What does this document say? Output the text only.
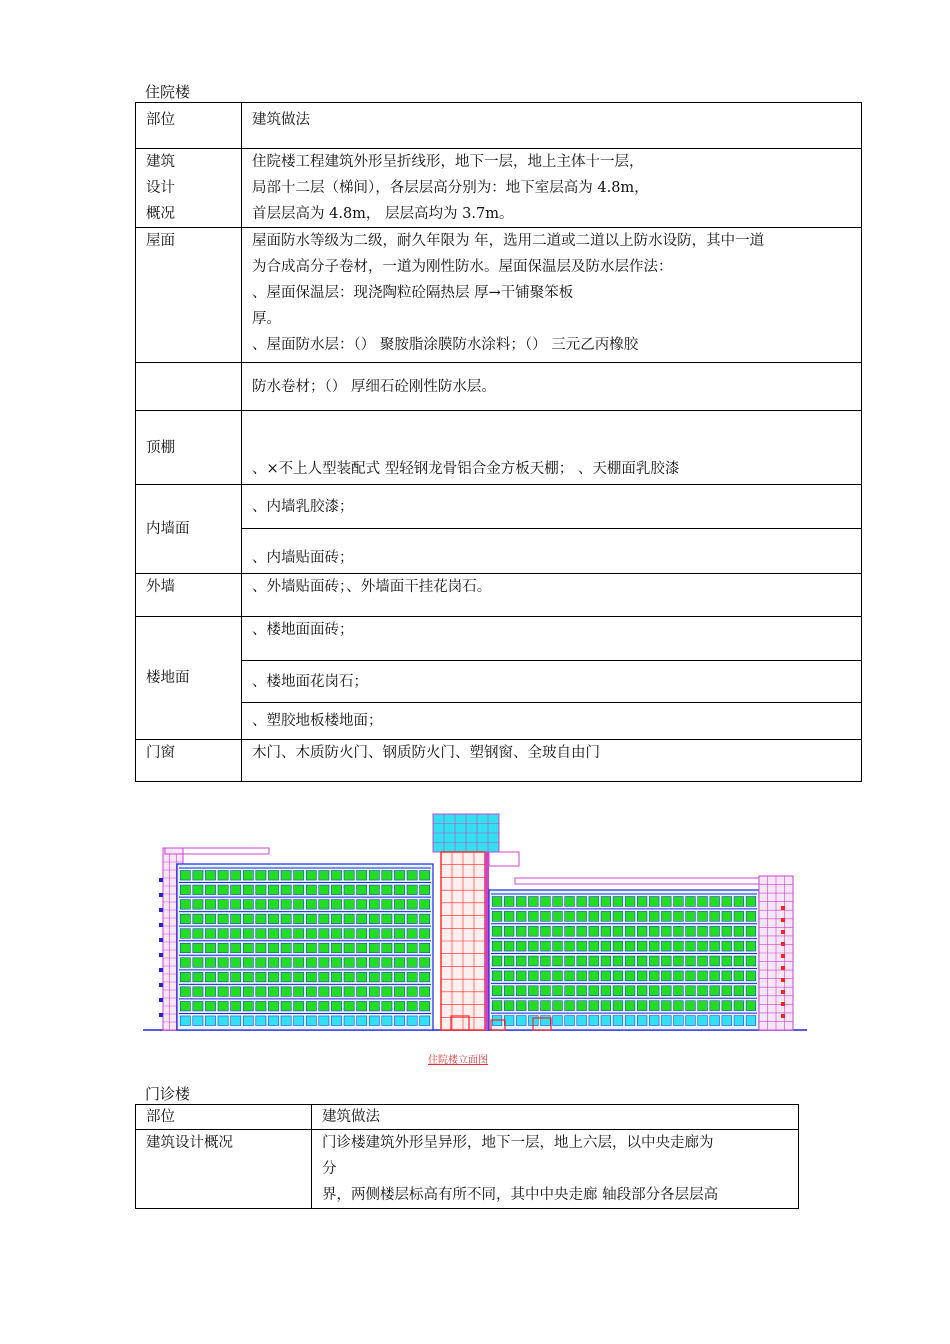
住院楼
部位	建筑做法

建筑
设计
概况	住院楼工程建筑外形呈折线形，地下一层，地上主体十一层，
局部十二层（梯间），各层层高分别为：地下室层高为 4.8m，
首层层高为 4.8m， 层层高均为 3.7m。

屋面	屋面防水等级为二级，耐久年限为 年，选用二道或二道以上防水设防，其中一道
为合成高分子卷材，一道为刚性防水。屋面保温层及防水层作法：
、屋面保温层：现浇陶粒砼隔热层 厚→干铺聚笨板
厚。
、屋面防水层：（） 聚胺脂涂膜防水涂料；（） 三元乙丙橡胶

	防水卷材；（） 厚细石砼刚性防水层。
顶棚	、×不上人型装配式 型轻钢龙骨铝合金方板天棚； 、天棚面乳胶漆
内墙面	、内墙乳胶漆；
	、内墙贴面砖；
外墙	、外墙贴面砖；、外墙面干挂花岗石。
楼地面	、楼地面面砖；
	、楼地面花岗石；
	、塑胶地板楼地面；
门窗	木门、木质防火门、钢质防火门、塑钢窗、全玻自由门
住院楼立面图
门诊楼
部位	建筑做法
建筑设计概况	门诊楼建筑外形呈异形，地下一层，地上六层，以中央走廊为
分
界，两侧楼层标高有所不同，其中中央走廊 轴段部分各层层高
